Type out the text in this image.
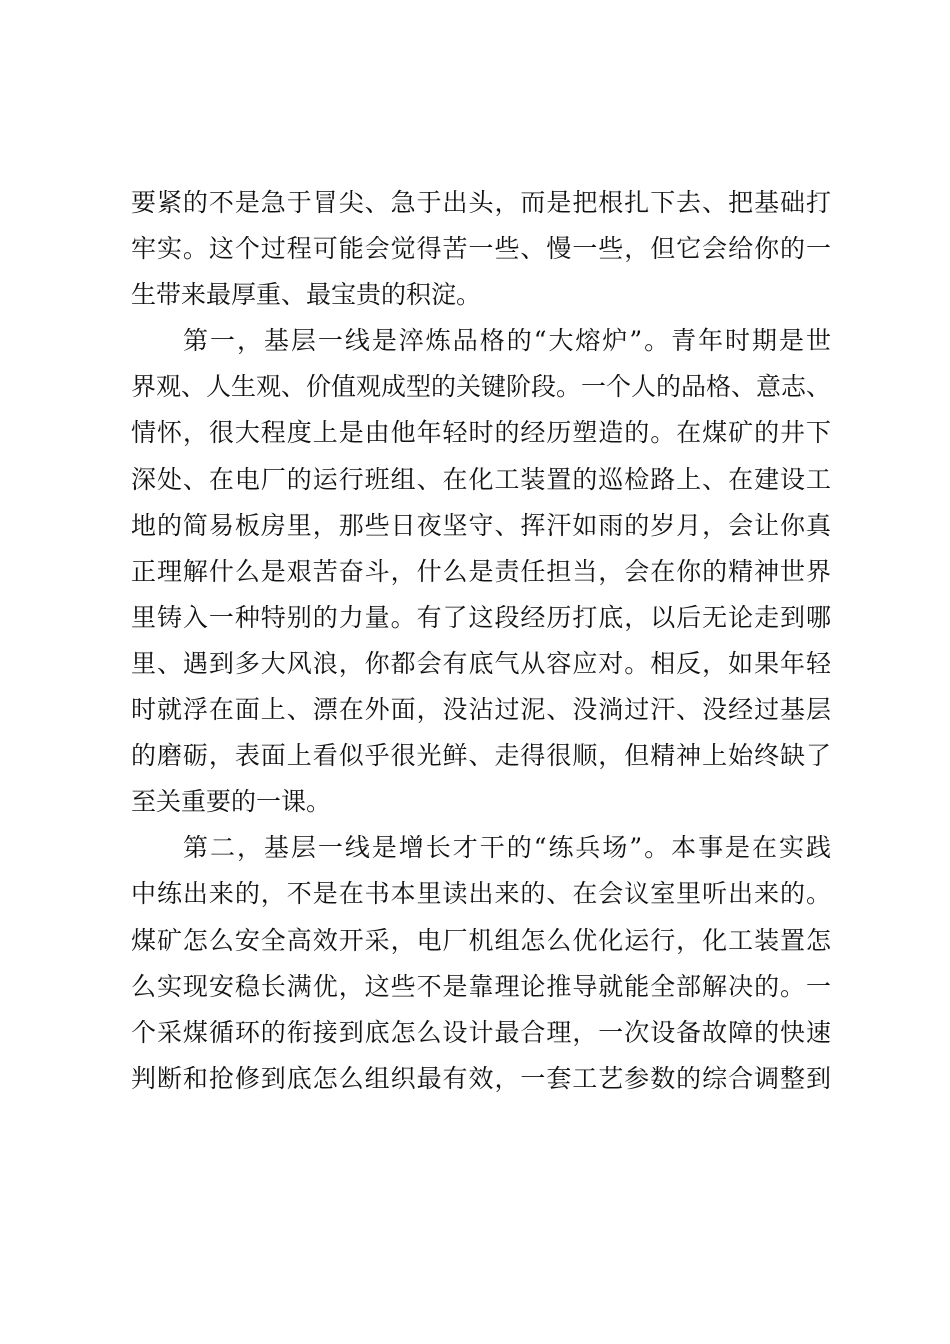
要紧的不是急于冒尖、急于出头，而是把根扎下去、把基础打
牢实。这个过程可能会觉得苦一些、慢一些，但它会给你的一
生带来最厚重、最宝贵的积淀。
第一，基层一线是淬炼品格的“大熔炉”。青年时期是世
界观、人生观、价值观成型的关键阶段。一个人的品格、意志、
情怀，很大程度上是由他年轻时的经历塑造的。在煤矿的井下
深处、在电厂的运行班组、在化工装置的巡检路上、在建设工
地的简易板房里，那些日夜坚守、挥汗如雨的岁月，会让你真
正理解什么是艰苦奋斗，什么是责任担当，会在你的精神世界
里铸入一种特别的力量。有了这段经历打底，以后无论走到哪
里、遇到多大风浪，你都会有底气从容应对。相反，如果年轻
时就浮在面上、漂在外面，没沾过泥、没淌过汗、没经过基层
的磨砺，表面上看似乎很光鲜、走得很顺，但精神上始终缺了
至关重要的一课。
第二，基层一线是增长才干的“练兵场”。本事是在实践
中练出来的，不是在书本里读出来的、在会议室里听出来的。
煤矿怎么安全高效开采，电厂机组怎么优化运行，化工装置怎
么实现安稳长满优，这些不是靠理论推导就能全部解决的。一
个采煤循环的衔接到底怎么设计最合理，一次设备故障的快速
判断和抢修到底怎么组织最有效，一套工艺参数的综合调整到
